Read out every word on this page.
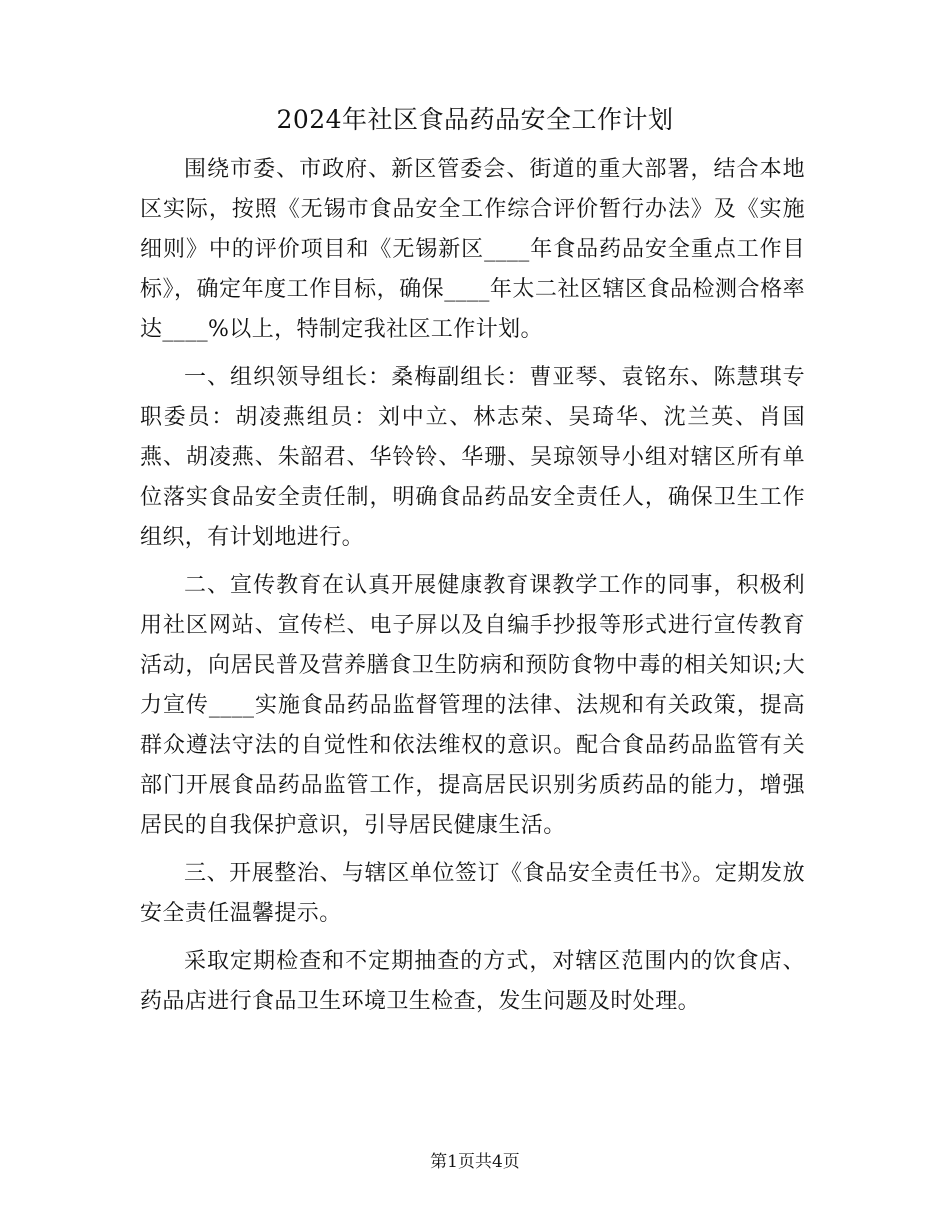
2024年社区食品药品安全工作计划

围绕市委、市政府、新区管委会、街道的重大部署，结合本地区实际，按照《无锡市食品安全工作综合评价暂行办法》及《实施细则》中的评价项目和《无锡新区____年食品药品安全重点工作目标》，确定年度工作目标，确保____年太二社区辖区食品检测合格率达____%以上，特制定我社区工作计划。

一、组织领导组长：桑梅副组长：曹亚琴、袁铭东、陈慧琪专职委员：胡凌燕组员：刘中立、林志荣、吴琦华、沈兰英、肖国燕、胡凌燕、朱韶君、华铃铃、华珊、吴琼领导小组对辖区所有单位落实食品安全责任制，明确食品药品安全责任人，确保卫生工作组织，有计划地进行。

二、宣传教育在认真开展健康教育课教学工作的同事，积极利用社区网站、宣传栏、电子屏以及自编手抄报等形式进行宣传教育活动，向居民普及营养膳食卫生防病和预防食物中毒的相关知识;大力宣传____实施食品药品监督管理的法律、法规和有关政策，提高群众遵法守法的自觉性和依法维权的意识。配合食品药品监管有关部门开展食品药品监管工作，提高居民识别劣质药品的能力，增强居民的自我保护意识，引导居民健康生活。

三、开展整治、与辖区单位签订《食品安全责任书》。定期发放安全责任温馨提示。

采取定期检查和不定期抽查的方式，对辖区范围内的饮食店、药品店进行食品卫生环境卫生检查，发生问题及时处理。

第1页共4页
